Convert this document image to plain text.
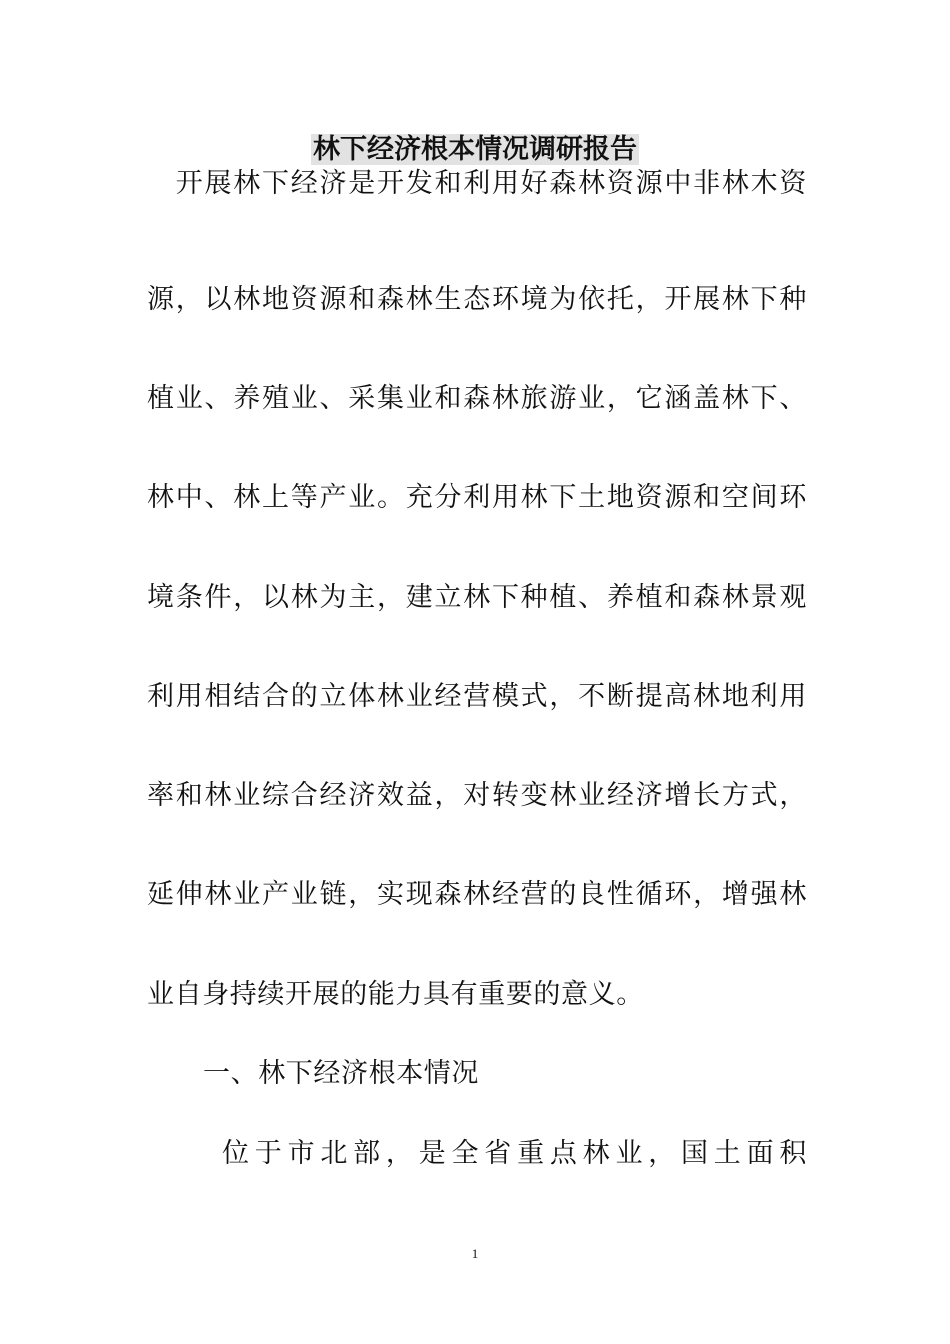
林下经济根本情况调研报告
　开展林下经济是开发和利用好森林资源中非林木资
源，以林地资源和森林生态环境为依托，开展林下种
植业、养殖业、采集业和森林旅游业，它涵盖林下、
林中、林上等产业。充分利用林下土地资源和空间环
境条件，以林为主，建立林下种植、养植和森林景观
利用相结合的立体林业经营模式，不断提高林地利用
率和林业综合经济效益，对转变林业经济增长方式，
延伸林业产业链，实现森林经营的良性循环，增强林
业自身持续开展的能力具有重要的意义。
一、林下经济根本情况
位于市北部，是全省重点林业，国土面积
1
